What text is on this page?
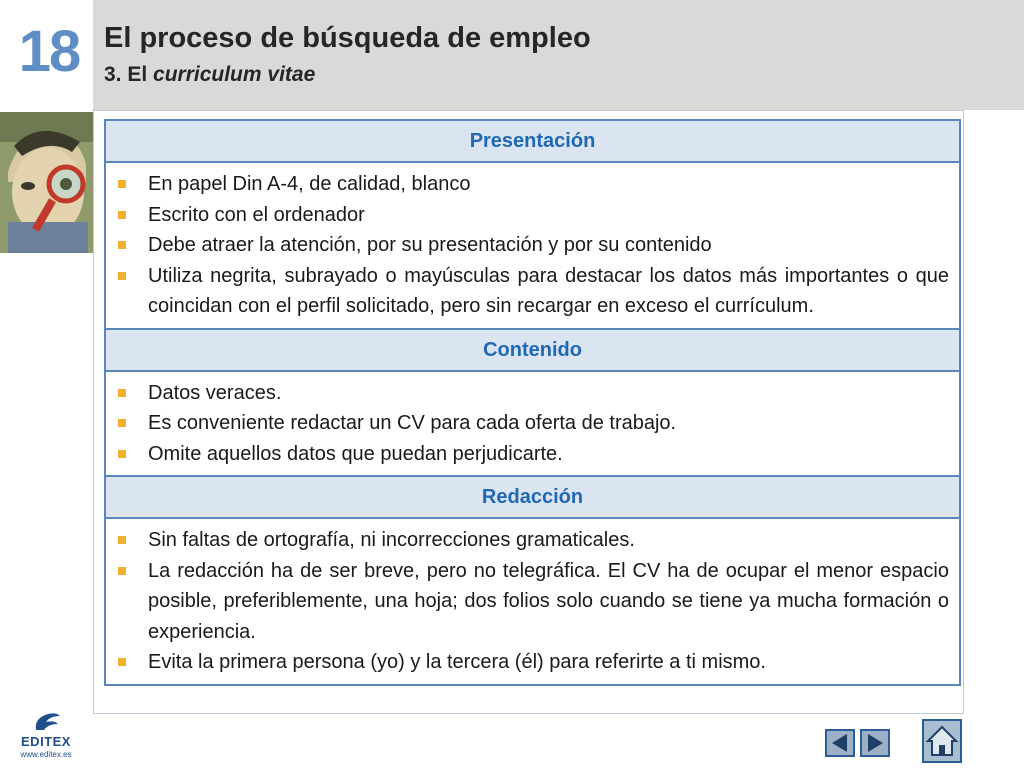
18 El proceso de búsqueda de empleo
3. El curriculum vitae
Presentación
En papel Din A-4, de calidad, blanco
Escrito con el ordenador
Debe atraer la atención, por su presentación y por su contenido
Utiliza negrita, subrayado o mayúsculas para destacar los datos más importantes o que coincidan con el perfil solicitado, pero sin recargar en exceso el currículum.
Contenido
Datos veraces.
Es conveniente redactar un CV para cada oferta de trabajo.
Omite aquellos datos que puedan perjudicarte.
Redacción
Sin faltas de ortografía, ni incorrecciones gramaticales.
La redacción ha de ser breve, pero no telegráfica. El CV ha de ocupar el menor espacio posible, preferiblemente, una hoja; dos folios solo cuando se tiene ya mucha formación o experiencia.
Evita la primera persona (yo) y la tercera (él) para referirte a ti mismo.
EDITEX
www.editex.es
